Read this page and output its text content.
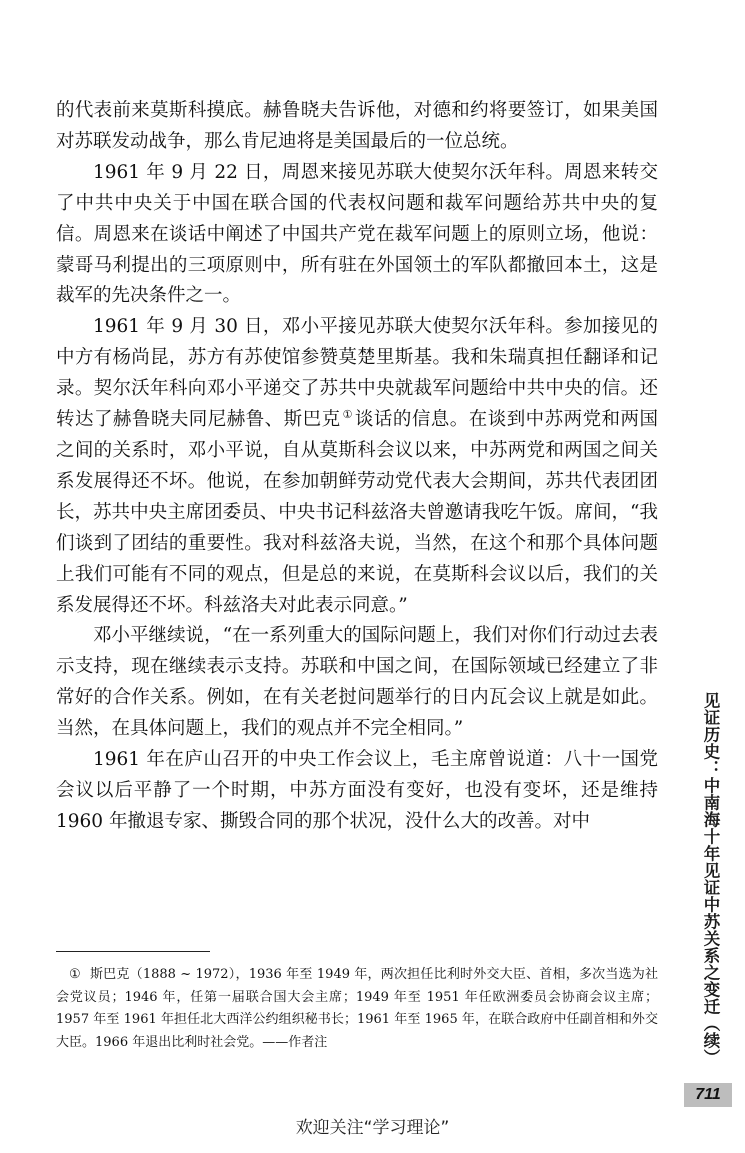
的代表前来莫斯科摸底。赫鲁晓夫告诉他，对德和约将要签订，如果美国对苏联发动战争，那么肯尼迪将是美国最后的一位总统。

1961 年 9 月 22 日，周恩来接见苏联大使契尔沃年科。周恩来转交了中共中央关于中国在联合国的代表权问题和裁军问题给苏共中央的复信。周恩来在谈话中阐述了中国共产党在裁军问题上的原则立场，他说：蒙哥马利提出的三项原则中，所有驻在外国领土的军队都撤回本土，这是裁军的先决条件之一。

1961 年 9 月 30 日，邓小平接见苏联大使契尔沃年科。参加接见的中方有杨尚昆，苏方有苏使馆参赞莫楚里斯基。我和朱瑞真担任翻译和记录。契尔沃年科向邓小平递交了苏共中央就裁军问题给中共中央的信。还转达了赫鲁晓夫同尼赫鲁、斯巴克 ① 谈话的信息。在谈到中苏两党和两国之间的关系时，邓小平说，自从莫斯科会议以来，中苏两党和两国之间关系发展得还不坏。他说，在参加朝鲜劳动党代表大会期间，苏共代表团团长，苏共中央主席团委员、中央书记科兹洛夫曾邀请我吃午饭。席间，“我们谈到了团结的重要性。我对科兹洛夫说，当然，在这个和那个具体问题上我们可能有不同的观点，但是总的来说，在莫斯科会议以后，我们的关系发展得还不坏。科兹洛夫对此表示同意。”

邓小平继续说，“在一系列重大的国际问题上，我们对你们行动过去表示支持，现在继续表示支持。苏联和中国之间，在国际领域已经建立了非常好的合作关系。例如，在有关老挝问题举行的日内瓦会议上就是如此。当然，在具体问题上，我们的观点并不完全相同。”

1961 年在庐山召开的中央工作会议上，毛主席曾说道：八十一国党会议以后平静了一个时期，中苏方面没有变好，也没有变坏，还是维持 1960 年撤退专家、撕毁合同的那个状况，没什么大的改善。对中

① 斯巴克（1888 ~ 1972），1936 年至 1949 年，两次担任比利时外交大臣、首相，多次当选为社会党议员；1946 年，任第一届联合国大会主席；1949 年至 1951 年任欧洲委员会协商会议主席；1957 年至 1961 年担任北大西洋公约组织秘书长；1961 年至 1965 年，在联合政府中任副首相和外交大臣。1966 年退出比利时社会党。——作者注	见证历史：中南海十年见证中苏关系之变迁（续）
711
欢迎关注“学习理论”
